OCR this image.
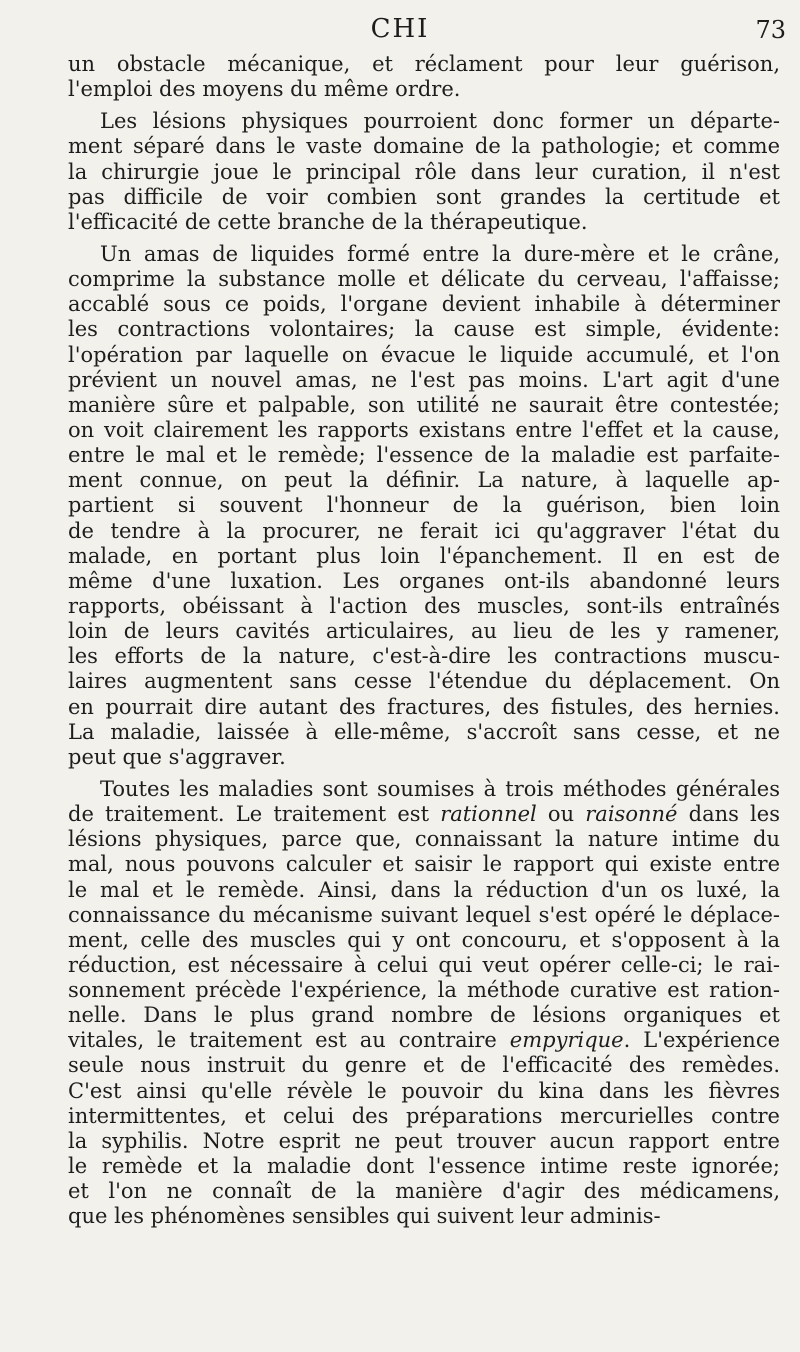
CHI	73
un obstacle mécanique, et réclament pour leur guérison,
l'emploi des moyens du même ordre.
Les lésions physiques pourroient donc former un départe-
ment séparé dans le vaste domaine de la pathologie; et comme
la chirurgie joue le principal rôle dans leur curation, il n'est
pas difficile de voir combien sont grandes la certitude et
l'efficacité de cette branche de la thérapeutique.
Un amas de liquides formé entre la dure-mère et le crâne,
comprime la substance molle et délicate du cerveau, l'affaisse;
accablé sous ce poids, l'organe devient inhabile à déterminer
les contractions volontaires; la cause est simple, évidente:
l'opération par laquelle on évacue le liquide accumulé, et l'on
prévient un nouvel amas, ne l'est pas moins. L'art agit d'une
manière sûre et palpable, son utilité ne saurait être contestée;
on voit clairement les rapports existans entre l'effet et la cause,
entre le mal et le remède; l'essence de la maladie est parfaite-
ment connue, on peut la définir. La nature, à laquelle ap-
partient si souvent l'honneur de la guérison, bien loin
de tendre à la procurer, ne ferait ici qu'aggraver l'état du
malade, en portant plus loin l'épanchement. Il en est de
même d'une luxation. Les organes ont-ils abandonné leurs
rapports, obéissant à l'action des muscles, sont-ils entraînés
loin de leurs cavités articulaires, au lieu de les y ramener,
les efforts de la nature, c'est-à-dire les contractions muscu-
laires augmentent sans cesse l'étendue du déplacement. On
en pourrait dire autant des fractures, des fistules, des hernies.
La maladie, laissée à elle-même, s'accroît sans cesse, et ne
peut que s'aggraver.
Toutes les maladies sont soumises à trois méthodes générales
de traitement. Le traitement est rationnel ou raisonné dans les
lésions physiques, parce que, connaissant la nature intime du
mal, nous pouvons calculer et saisir le rapport qui existe entre
le mal et le remède. Ainsi, dans la réduction d'un os luxé, la
connaissance du mécanisme suivant lequel s'est opéré le déplace-
ment, celle des muscles qui y ont concouru, et s'opposent à la
réduction, est nécessaire à celui qui veut opérer celle-ci; le rai-
sonnement précède l'expérience, la méthode curative est ration-
nelle. Dans le plus grand nombre de lésions organiques et
vitales, le traitement est au contraire empyrique. L'expérience
seule nous instruit du genre et de l'efficacité des remèdes.
C'est ainsi qu'elle révèle le pouvoir du kina dans les fièvres
intermittentes, et celui des préparations mercurielles contre
la syphilis. Notre esprit ne peut trouver aucun rapport entre
le remède et la maladie dont l'essence intime reste ignorée;
et l'on ne connaît de la manière d'agir des médicamens,
que les phénomènes sensibles qui suivent leur adminis-
